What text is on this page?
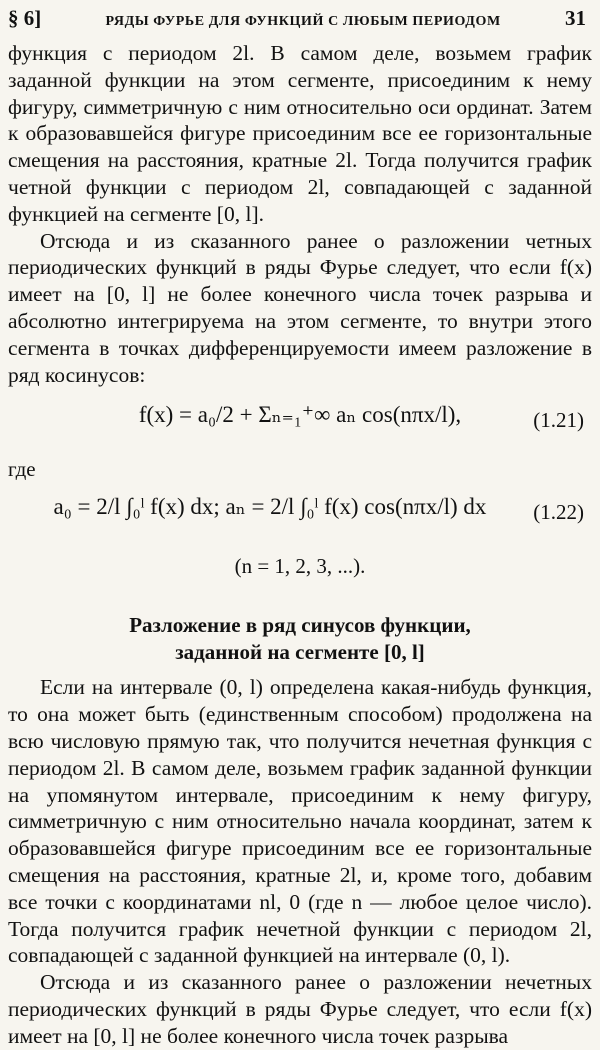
§ 6]	РЯДЫ ФУРЬЕ ДЛЯ ФУНКЦИЙ С ЛЮБЫМ ПЕРИОДОМ	31

функция с периодом 2l. В самом деле, возьмем график заданной функции на этом сегменте, присоединим к нему фигуру, симметричную с ним относительно оси ординат. Затем к образовавшейся фигуре присоединим все ее горизонтальные смещения на расстояния, кратные 2l. Тогда получится график четной функции с периодом 2l, совпадающей с заданной функцией на сегменте [0, l].

Отсюда и из сказанного ранее о разложении четных периодических функций в ряды Фурье следует, что если f(x) имеет на [0, l] не более конечного числа точек разрыва и абсолютно интегрируема на этом сегменте, то внутри этого сегмента в точках дифференцируемости имеем разложение в ряд косинусов:

f(x) = a₀/2 + Σₙ₌₁⁺∞ aₙ cos(nπx/l),	(1.21)
где
a₀ = 2/l ∫₀ˡ f(x) dx; aₙ = 2/l ∫₀ˡ f(x) cos(nπx/l) dx	(1.22)
(n = 1, 2, 3, ...).
Разложение в ряд синусов функции,
заданной на сегменте [0, l]

Если на интервале (0, l) определена какая-нибудь функция, то она может быть (единственным способом) продолжена на всю числовую прямую так, что получится нечетная функция с периодом 2l. В самом деле, возьмем график заданной функции на упомянутом интервале, присоединим к нему фигуру, симметричную с ним относительно начала координат, затем к образовавшейся фигуре присоединим все ее горизонтальные смещения на расстояния, кратные 2l, и, кроме того, добавим все точки с координатами nl, 0 (где n — любое целое число). Тогда получится график нечетной функции с периодом 2l, совпадающей с заданной функцией на интервале (0, l).

Отсюда и из сказанного ранее о разложении нечетных периодических функций в ряды Фурье следует, что если f(x) имеет на [0, l] не более конечного числа точек разрыва
